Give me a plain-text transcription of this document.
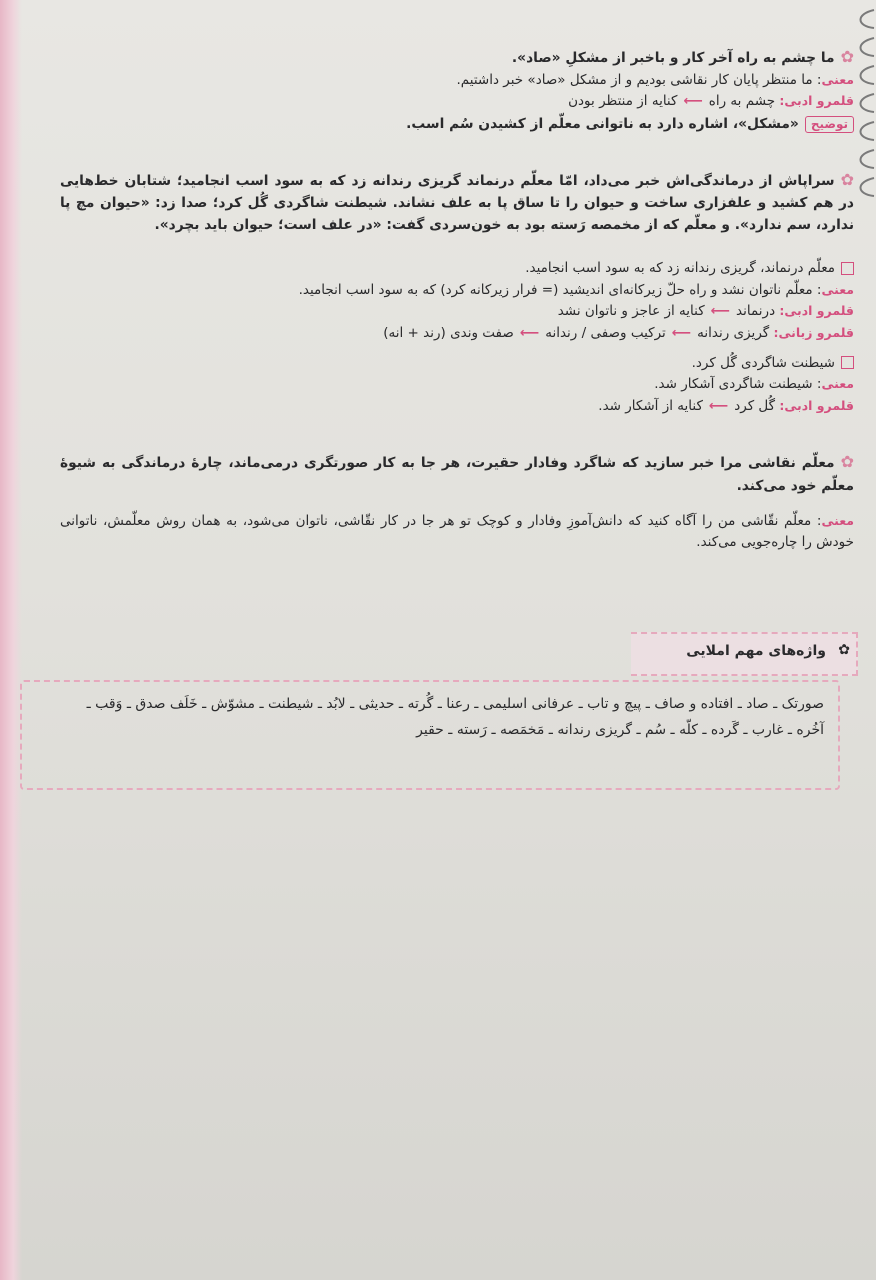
✿ما چشم به راه آخر کار و باخبر از مشکلِ «صاد».

معنی: ما منتظر پایان کار نقاشی بودیم و از مشکل «صاد» خبر داشتیم.

قلمرو ادبی: چشم به راه⟵کنایه از منتظر بودن

توضیح«مشکل»، اشاره دارد به ناتوانی معلّم از کشیدن سُم اسب.

✿سراپاش از درماندگی‌اش خبر می‌داد، امّا معلّم درنماند گریزی رندانه زد که به سود اسب انجامید؛ شتابان خط‌هایی در هم کشید و علفزاری ساخت و حیوان را تا ساق پا به علف نشاند. شیطنت شاگردی گُل کرد؛ صدا زد: «حیوان مچ پا ندارد، سم ندارد». و معلّم که از مخمصه رَسته بود به خون‌سردی گفت: «در علف است؛ حیوان باید بچرد».

معلّم درنماند، گریزی رندانه زد که به سود اسب انجامید.

معنی: معلّم ناتوان نشد و راه حلّ زیرکانه‌ای اندیشید (= فرار زیرکانه کرد) که به سود اسب انجامید.

قلمرو ادبی: درنماند⟵کنایه از عاجز و ناتوان نشد

قلمرو زبانی: گریزی رندانه⟵ترکیب وصفی / رندانه⟵صفت وندی (رند + انه)

شیطنت شاگردی گُل کرد.

معنی: شیطنت شاگردی آشکار شد.

قلمرو ادبی: گُل کرد⟵کنایه از آشکار شد.

✿معلّم نقاشی مرا خبر سازید که شاگرد وفادار حقیرت، هر جا به کار صورتگری درمی‌ماند، چارهٔ درماندگی به شیوهٔ معلّم خود می‌کند.

معنی: معلّم نقّاشی من را آگاه کنید که دانش‌آموزِ وفادار و کوچک تو هر جا در کار نقّاشی، ناتوان می‌شود، به همان روش معلّمش، ناتوانی خودش را چاره‌جویی می‌کند.

✿
واژه‌های مهم املایی
صورتک ـ صاد ـ افتاده و صاف ـ پیچ و تاب ـ عرفانی اسلیمی ـ رعنا ـ گُرته ـ حدیثی ـ لابُد ـ شیطنت ـ مشوّش ـ خَلَف صدق ـ وَقب ـ
آخُره ـ غارب ـ گَرده ـ کلّه ـ سُم ـ گریزی رندانه ـ مَخمَصه ـ رَسته ـ حقیر
